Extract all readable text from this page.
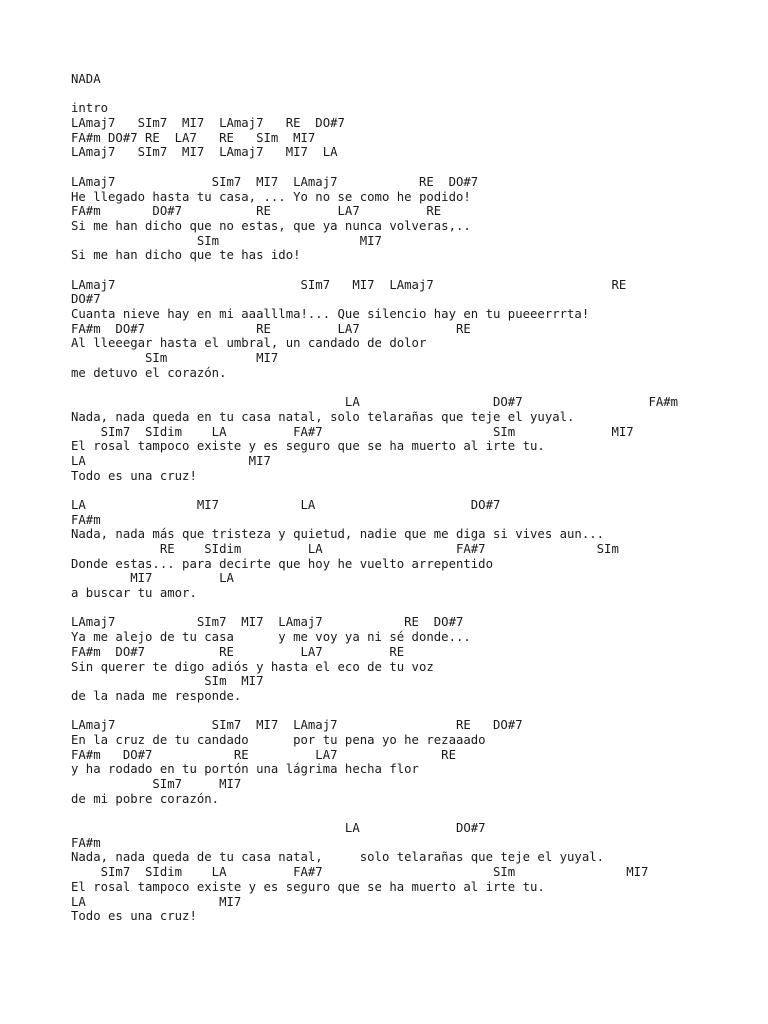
NADA
intro
LAmaj7   SIm7  MI7  LAmaj7   RE  DO#7
FA#m DO#7 RE  LA7   RE   SIm  MI7
LAmaj7   SIm7  MI7  LAmaj7   MI7  LA
LAmaj7             SIm7  MI7  LAmaj7           RE  DO#7
He llegado hasta tu casa, ... Yo no se como he podido!
FA#m       DO#7          RE         LA7         RE
Si me han dicho que no estas, que ya nunca volveras,..
SIm                   MI7
Si me han dicho que te has ido!
LAmaj7                         SIm7   MI7  LAmaj7                        RE
DO#7
Cuanta nieve hay en mi aaalllma!... Que silencio hay en tu pueeerrrta!
FA#m  DO#7               RE         LA7             RE
Al lleeegar hasta el umbral, un candado de dolor
SIm            MI7
me detuvo el corazón.
LA                  DO#7                 FA#m
Nada, nada queda en tu casa natal, solo telarañas que teje el yuyal.
SIm7  SIdim    LA         FA#7                       SIm             MI7
El rosal tampoco existe y es seguro que se ha muerto al irte tu.
LA                      MI7
Todo es una cruz!
LA               MI7           LA                     DO#7
FA#m
Nada, nada más que tristeza y quietud, nadie que me diga si vives aun...
RE    SIdim         LA                  FA#7               SIm
Donde estas... para decirte que hoy he vuelto arrepentido
MI7         LA
a buscar tu amor.
LAmaj7           SIm7  MI7  LAmaj7           RE  DO#7
Ya me alejo de tu casa      y me voy ya ni sé donde...
FA#m  DO#7          RE         LA7         RE
Sin querer te digo adiós y hasta el eco de tu voz
SIm  MI7
de la nada me responde.
LAmaj7             SIm7  MI7  LAmaj7                RE   DO#7
En la cruz de tu candado      por tu pena yo he rezaaado
FA#m   DO#7           RE         LA7              RE
y ha rodado en tu portón una lágrima hecha flor
SIm7     MI7
de mi pobre corazón.
LA             DO#7
FA#m
Nada, nada queda de tu casa natal,     solo telarañas que teje el yuyal.
SIm7  SIdim    LA         FA#7                       SIm               MI7
El rosal tampoco existe y es seguro que se ha muerto al irte tu.
LA                  MI7
Todo es una cruz!
